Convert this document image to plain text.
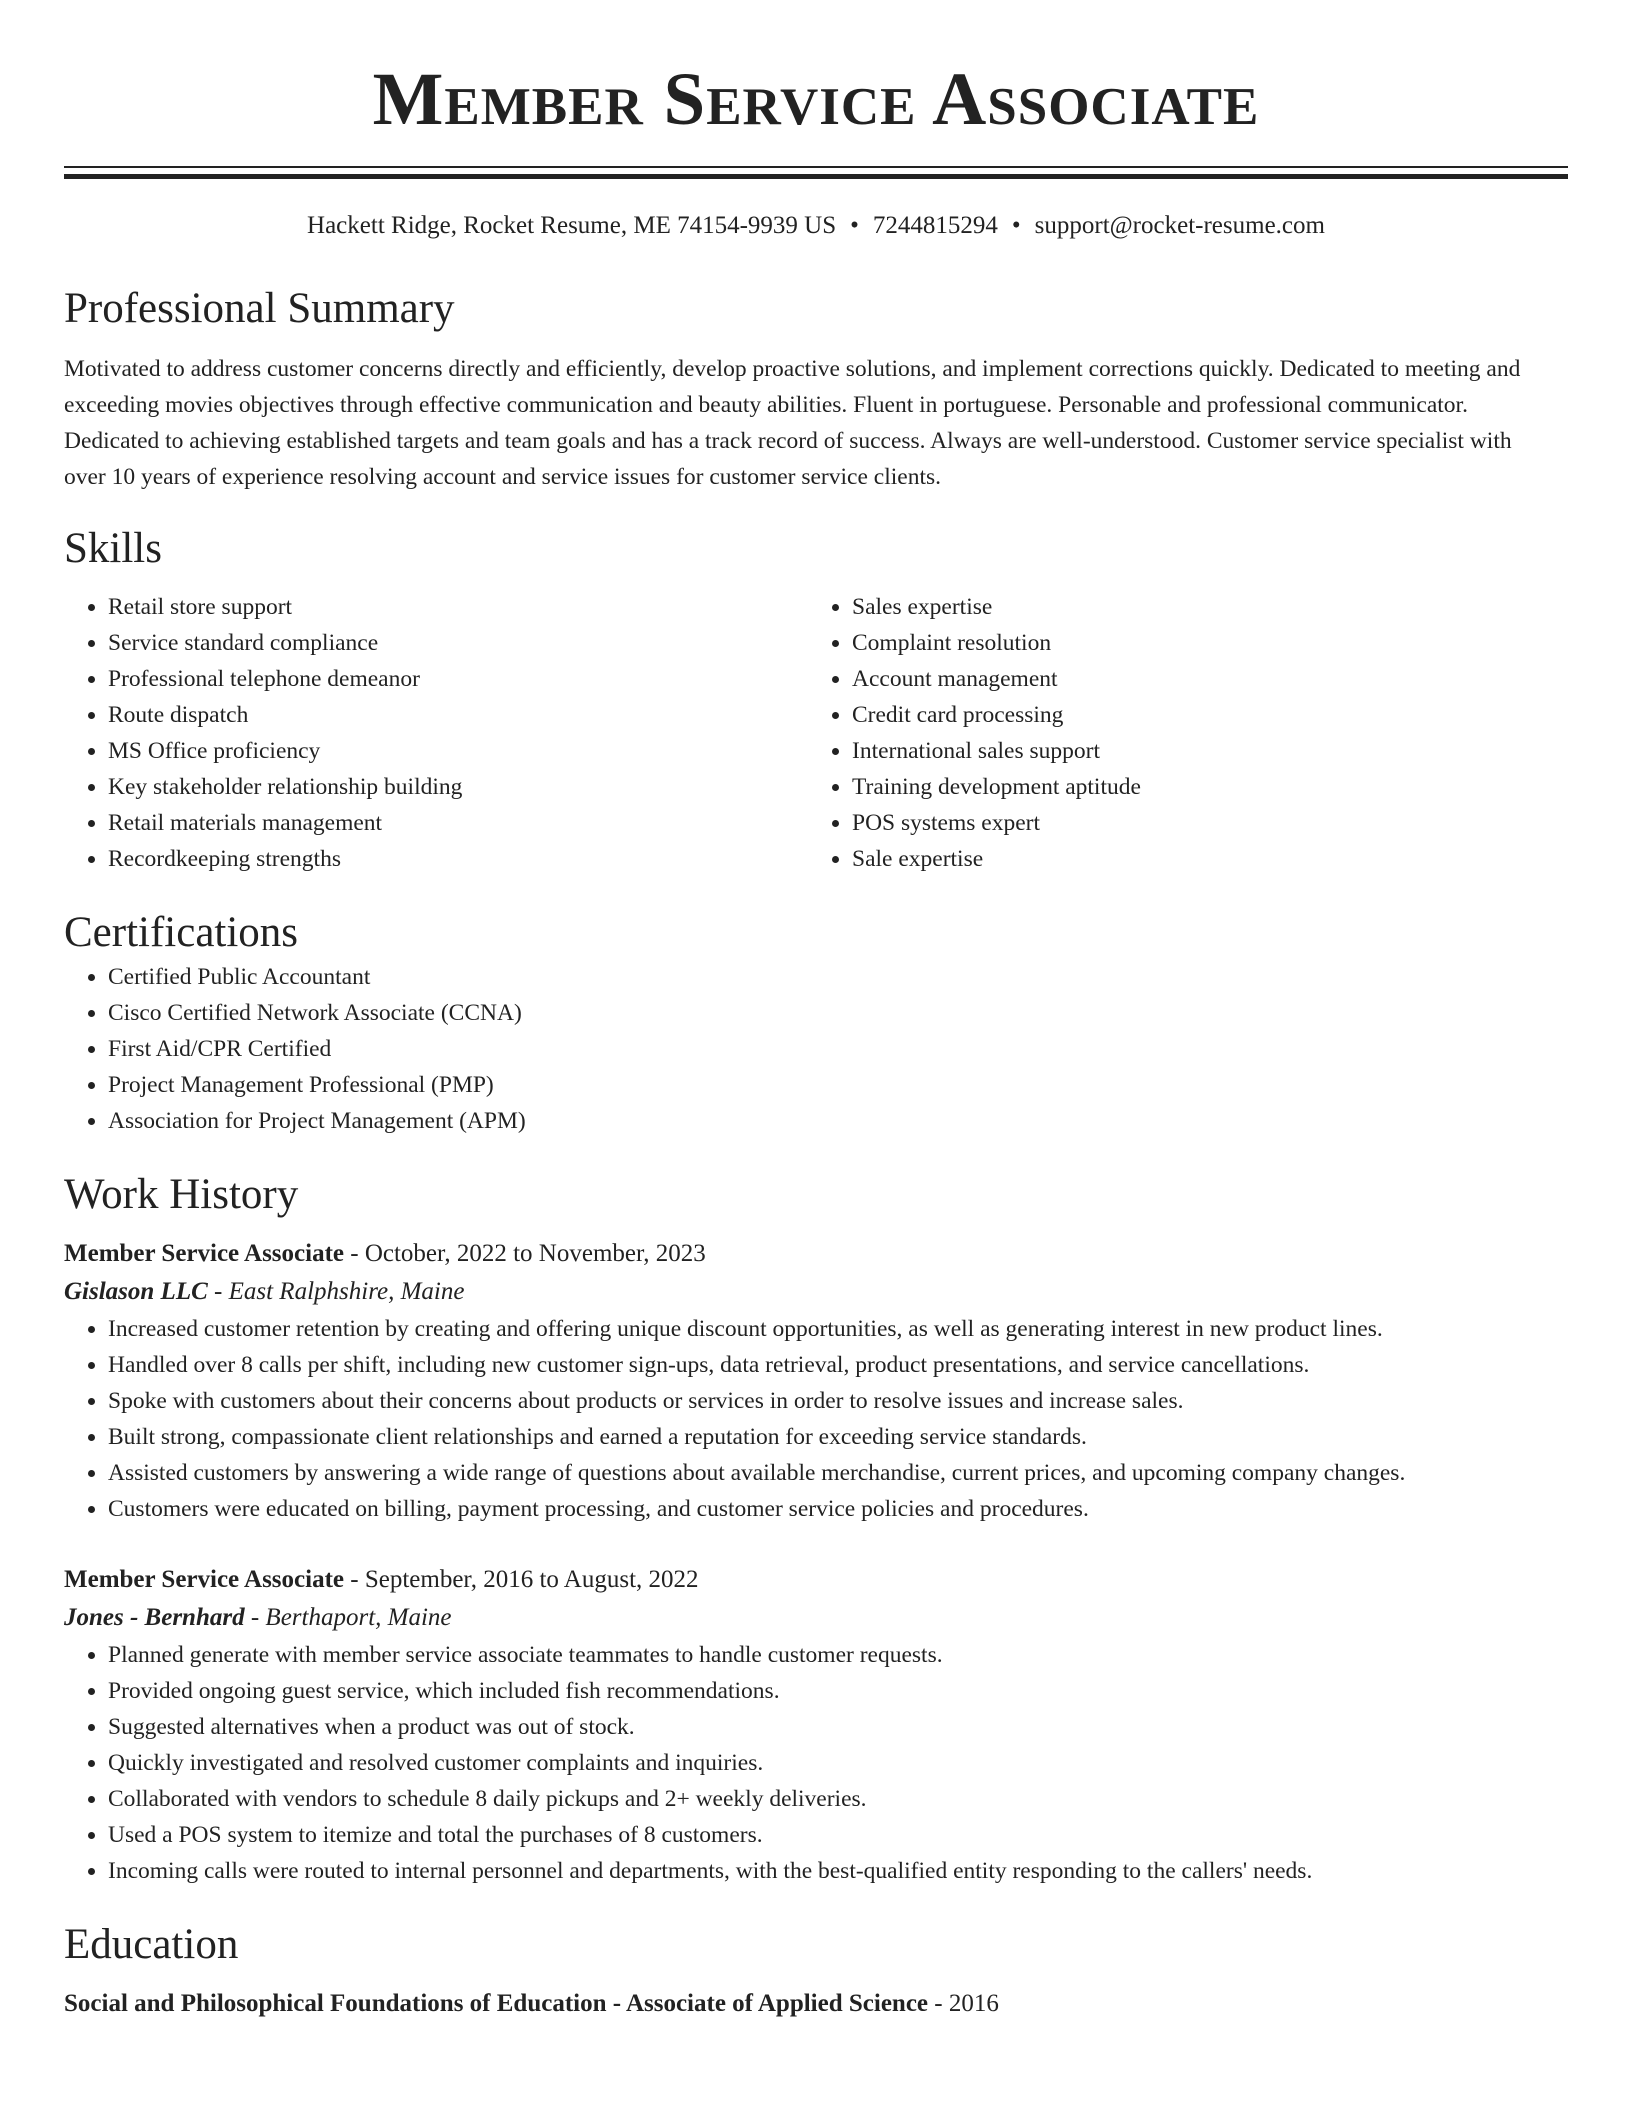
Member Service Associate
Hackett Ridge, Rocket Resume, ME 74154-9939 US • 7244815294 • support@rocket-resume.com
Professional Summary

Motivated to address customer concerns directly and efficiently, develop proactive solutions, and implement corrections quickly. Dedicated to meeting and exceeding movies objectives through effective communication and beauty abilities. Fluent in portuguese. Personable and professional communicator. Dedicated to achieving established targets and team goals and has a track record of success. Always are well-understood. Customer service specialist with over 10 years of experience resolving account and service issues for customer service clients.

Skills
• Retail store support
• Service standard compliance
• Professional telephone demeanor
• Route dispatch
• MS Office proficiency
• Key stakeholder relationship building
• Retail materials management
• Recordkeeping strengths
• Sales expertise
• Complaint resolution
• Account management
• Credit card processing
• International sales support
• Training development aptitude
• POS systems expert
• Sale expertise
Certifications
• Certified Public Accountant
• Cisco Certified Network Associate (CCNA)
• First Aid/CPR Certified
• Project Management Professional (PMP)
• Association for Project Management (APM)
Work History
Member Service Associate - October, 2022 to November, 2023
Gislason LLC - East Ralphshire, Maine
• Increased customer retention by creating and offering unique discount opportunities, as well as generating interest in new product lines.
• Handled over 8 calls per shift, including new customer sign-ups, data retrieval, product presentations, and service cancellations.
• Spoke with customers about their concerns about products or services in order to resolve issues and increase sales.
• Built strong, compassionate client relationships and earned a reputation for exceeding service standards.
• Assisted customers by answering a wide range of questions about available merchandise, current prices, and upcoming company changes.
• Customers were educated on billing, payment processing, and customer service policies and procedures.
Member Service Associate - September, 2016 to August, 2022
Jones - Bernhard - Berthaport, Maine
• Planned generate with member service associate teammates to handle customer requests.
• Provided ongoing guest service, which included fish recommendations.
• Suggested alternatives when a product was out of stock.
• Quickly investigated and resolved customer complaints and inquiries.
• Collaborated with vendors to schedule 8 daily pickups and 2+ weekly deliveries.
• Used a POS system to itemize and total the purchases of 8 customers.
• Incoming calls were routed to internal personnel and departments, with the best-qualified entity responding to the callers' needs.
Education
Social and Philosophical Foundations of Education - Associate of Applied Science - 2016
